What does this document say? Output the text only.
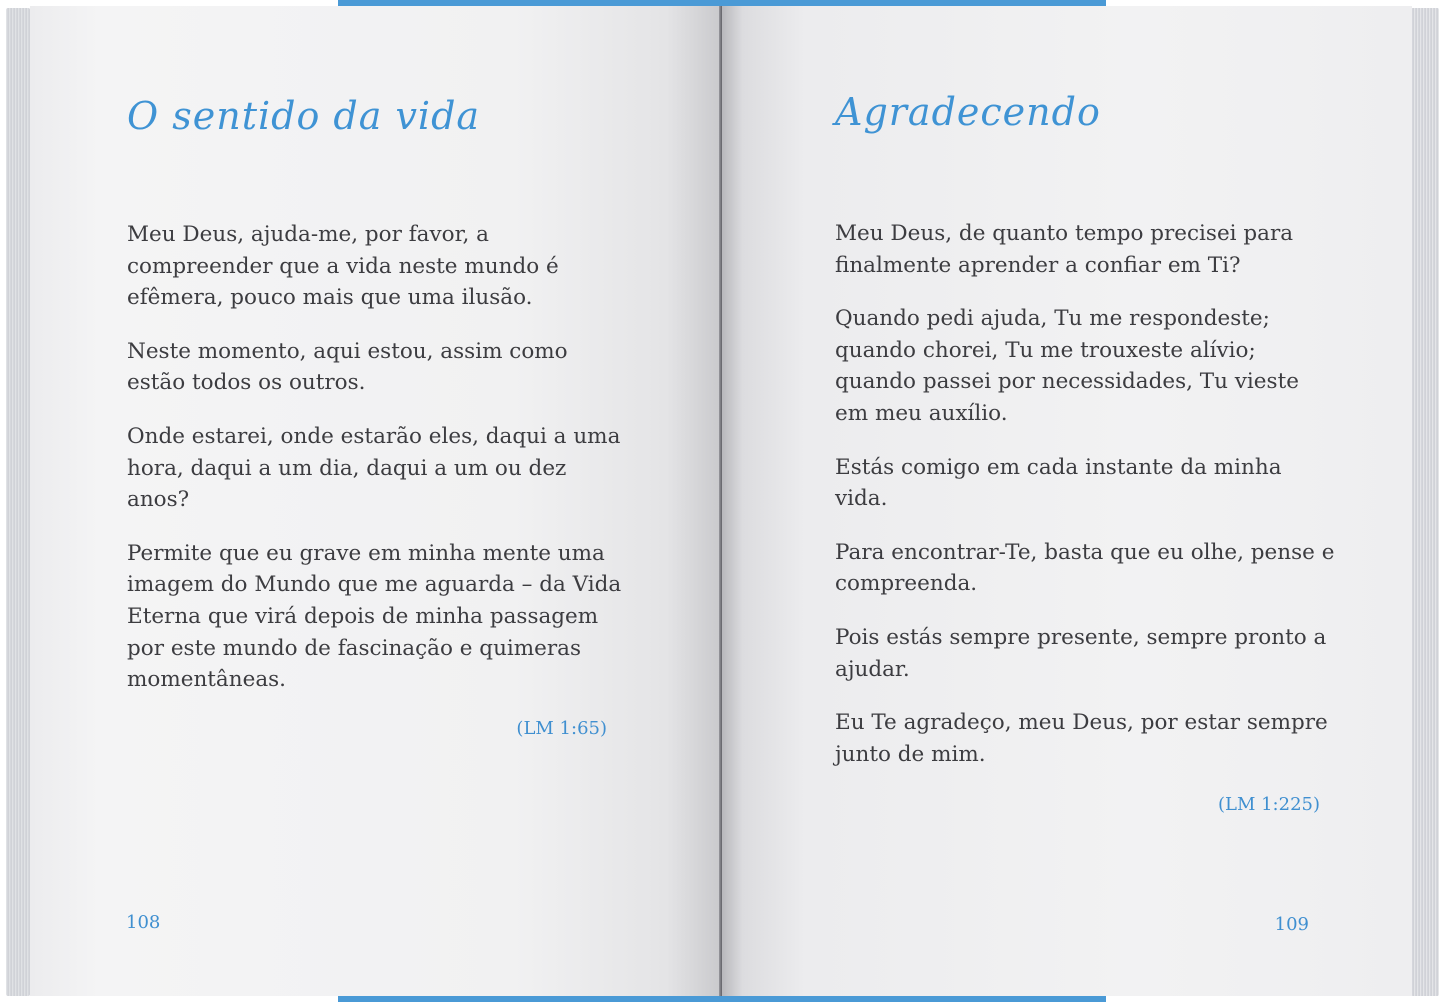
O sentido da vida

Meu Deus, ajuda-me, por favor, a compreender que a vida neste mundo é efêmera, pouco mais que uma ilusão.

Neste momento, aqui estou, assim como estão todos os outros.

Onde estarei, onde estarão eles, daqui a uma hora, daqui a um dia, daqui a um ou dez anos?

Permite que eu grave em minha mente uma imagem do Mundo que me aguarda – da Vida Eterna que virá depois de minha passagem por este mundo de fascinação e quimeras momentâneas.

(LM 1:65)
108
Agradecendo

Meu Deus, de quanto tempo precisei para finalmente aprender a confiar em Ti?

Quando pedi ajuda, Tu me respondeste; quando chorei, Tu me trouxeste alívio; quando passei por necessidades, Tu vieste em meu auxílio.

Estás comigo em cada instante da minha vida.

Para encontrar-Te, basta que eu olhe, pense e compreenda.

Pois estás sempre presente, sempre pronto a ajudar.

Eu Te agradeço, meu Deus, por estar sempre junto de mim.

(LM 1:225)
109
